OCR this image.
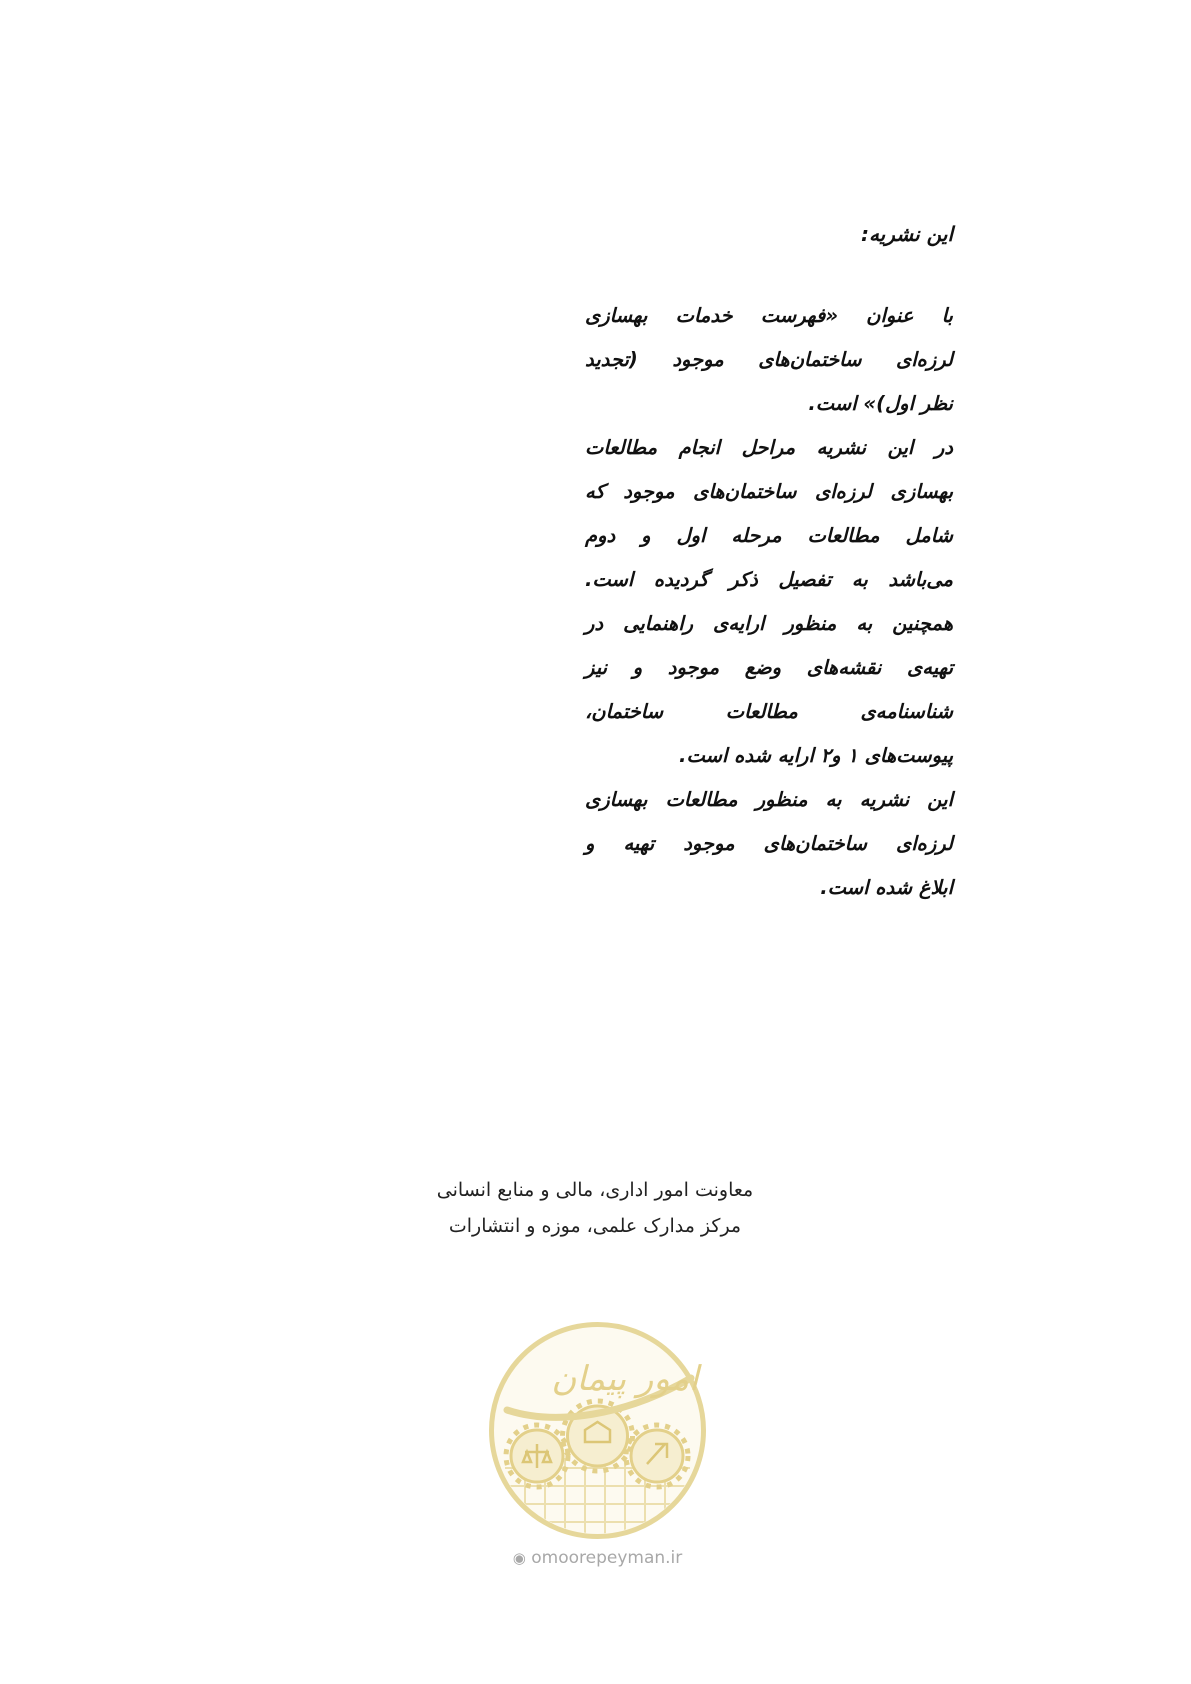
این نشریه:
با عنوان «فهرست خدمات بهسازی
لرزه‌ای ساختمان‌های موجود (تجدید
نظر اول)» است.
در این نشریه مراحل انجام مطالعات
بهسازی لرزه‌ای ساختمان‌های موجود که
شامل مطالعات مرحله اول و دوم
می‌باشد به تفصیل ذکر گردیده است.
همچنین به منظور ارایه‌ی راهنمایی در
تهیه‌ی نقشه‌های وضع موجود و نیز
شناسنامه‌ی مطالعات ساختمان،
پیوست‌های ۱ و۲ ارایه شده است.
این نشریه به منظور مطالعات بهسازی
لرزه‌ای ساختمان‌های موجود تهیه و
ابلاغ شده است.
معاونت امور اداری، مالی و منابع انسانی
مرکز مدارک علمی، موزه و انتشارات
امور پیمان
◉ omoorepeyman.ir
